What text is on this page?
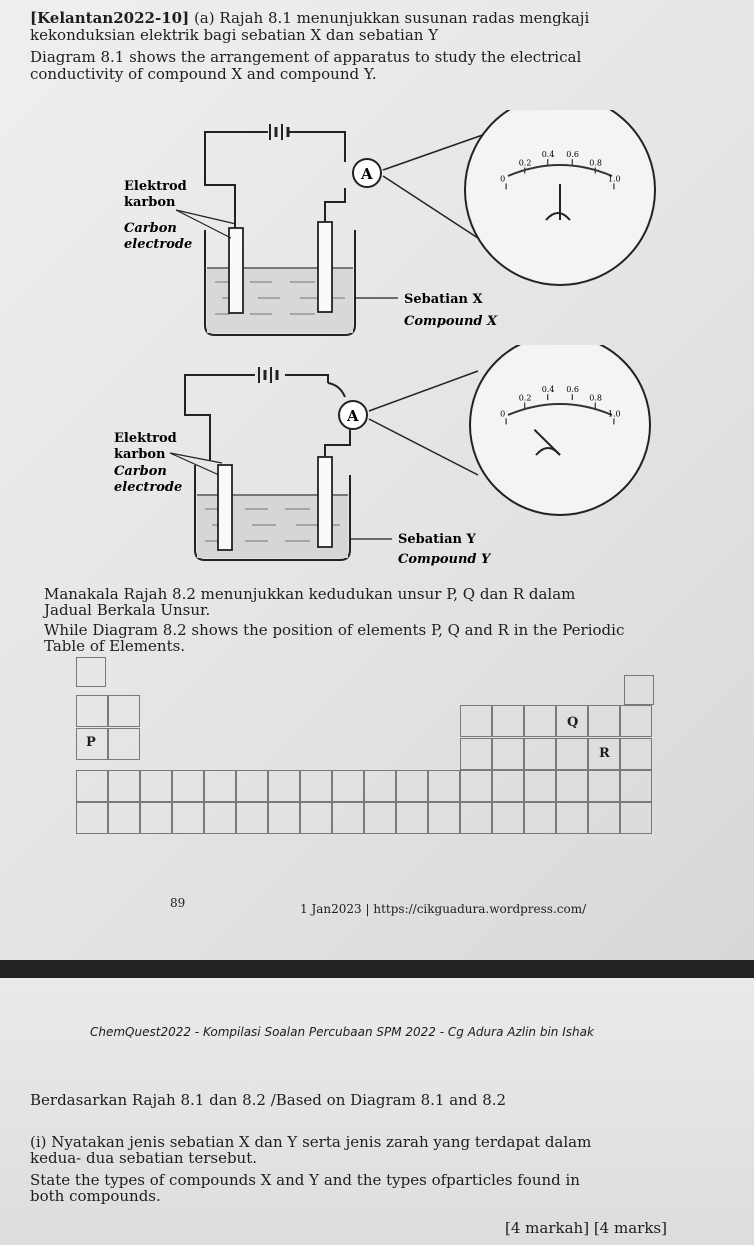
[Kelantan2022-10] (a) Rajah 8.1 menunjukkan susunan radas mengkaji

kekonduksian elektrik bagi sebatian X dan sebatian Y

Diagram 8.1 shows the arrangement of apparatus to study the electrical

conductivity of compound X and compound Y.

A
Elektrod
karbon
Carbon
electrode
Sebatian X
Compound X
0
0.2
0.4 0.6
0.8
1.0
A
Elektrod
karbon
Carbon
electrode
Sebatian Y
Compound Y
0
0.2
0.4 0.6
0.8
1.0

Manakala Rajah 8.2 menunjukkan kedudukan unsur P, Q dan R dalam

Jadual Berkala Unsur.

While Diagram 8.2 shows the position of elements P, Q and R in the Periodic

Table of Elements.

P
Q
R
89	1 Jan2023 | https://cikguadura.wordpress.com/
ChemQuest2022 - Kompilasi Soalan Percubaan SPM 2022 - Cg Adura Azlin bin Ishak

Berdasarkan Rajah 8.1 dan 8.2 /Based on Diagram 8.1 and 8.2

(i) Nyatakan jenis sebatian X dan Y serta jenis zarah yang terdapat dalam

kedua- dua sebatian tersebut.

State the types of compounds X and Y and the types ofparticles found in

both compounds.

[4 markah] [4 marks]
